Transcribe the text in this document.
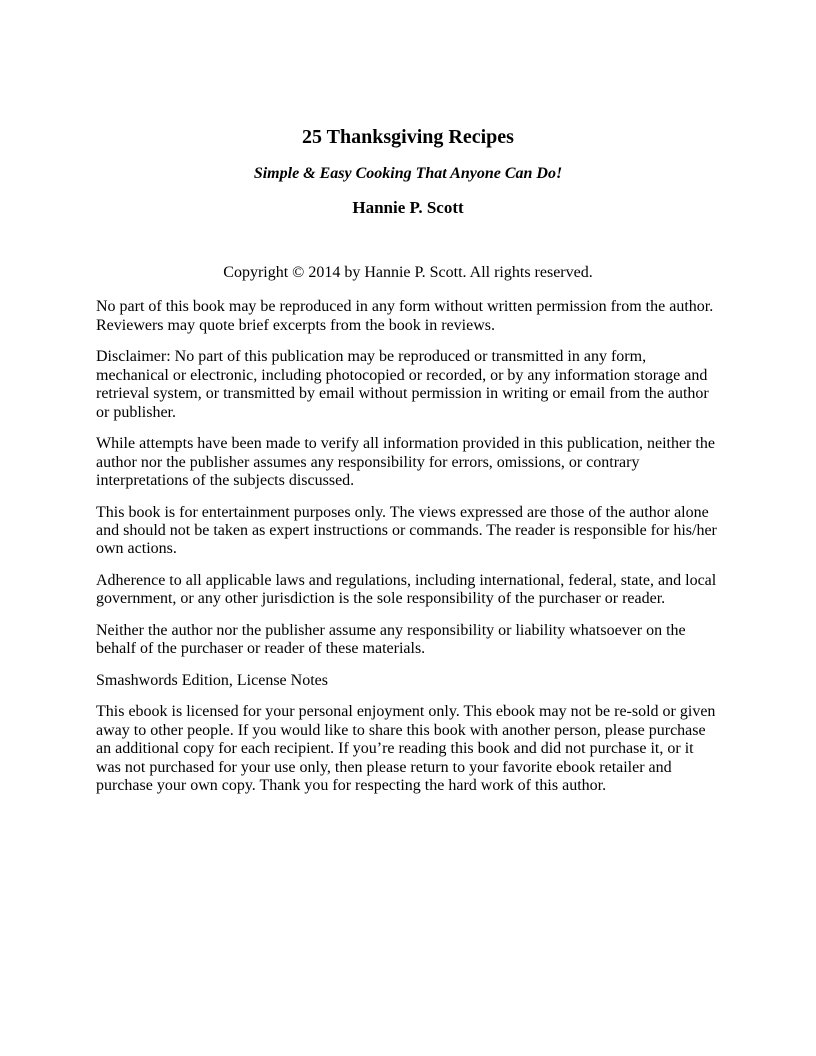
25 Thanksgiving Recipes
Simple & Easy Cooking That Anyone Can Do!
Hannie P. Scott
Copyright © 2014 by Hannie P. Scott. All rights reserved.

No part of this book may be reproduced in any form without written permission from the author. Reviewers may quote brief excerpts from the book in reviews.

Disclaimer: No part of this publication may be reproduced or transmitted in any form, mechanical or electronic, including photocopied or recorded, or by any information storage and retrieval system, or transmitted by email without permission in writing or email from the author or publisher.

While attempts have been made to verify all information provided in this publication, neither the author nor the publisher assumes any responsibility for errors, omissions, or contrary interpretations of the subjects discussed.

This book is for entertainment purposes only. The views expressed are those of the author alone and should not be taken as expert instructions or commands. The reader is responsible for his/her own actions.

Adherence to all applicable laws and regulations, including international, federal, state, and local government, or any other jurisdiction is the sole responsibility of the purchaser or reader.

Neither the author nor the publisher assume any responsibility or liability whatsoever on the behalf of the purchaser or reader of these materials.

Smashwords Edition, License Notes

This ebook is licensed for your personal enjoyment only. This ebook may not be re-sold or given away to other people. If you would like to share this book with another person, please purchase an additional copy for each recipient. If you’re reading this book and did not purchase it, or it was not purchased for your use only, then please return to your favorite ebook retailer and purchase your own copy. Thank you for respecting the hard work of this author.
